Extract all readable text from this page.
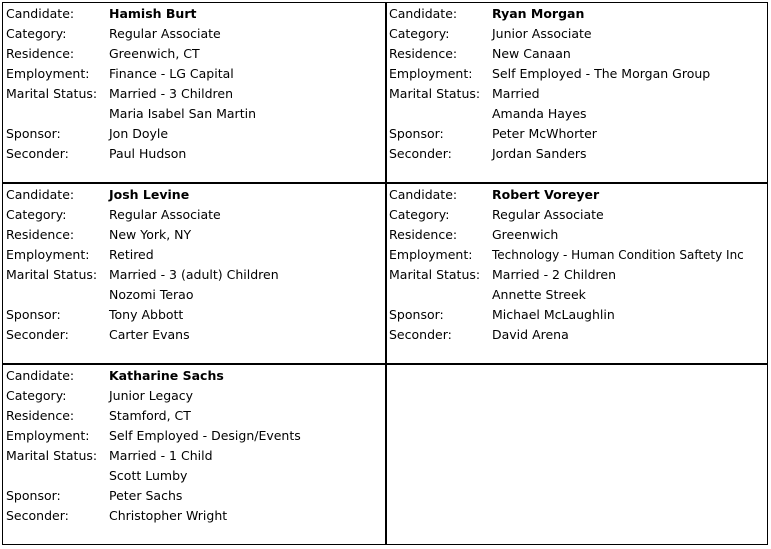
Candidate:	Hamish Burt
Category:	Regular Associate
Residence:	Greenwich, CT
Employment: Finance - LG Capital
Marital Status: Married - 3 Children
Maria Isabel San Martin
Sponsor:	Jon Doyle
Seconder:	Paul Hudson
Candidate:	Ryan Morgan
Category:	Junior Associate
Residence:	New Canaan
Employment: Self Employed - The Morgan Group
Marital Status: Married
Amanda Hayes
Sponsor:	Peter McWhorter
Seconder:	Jordan Sanders
Candidate:	Josh Levine
Category:	Regular Associate
Residence:	New York, NY
Employment: Retired
Marital Status: Married - 3 (adult) Children
Nozomi Terao
Sponsor:	Tony Abbott
Seconder:	Carter Evans
Candidate:	Robert Voreyer
Category:	Regular Associate
Residence:	Greenwich
Employment: Technology - Human Condition Saftety Inc
Marital Status: Married - 2 Children
Annette Streek
Sponsor:	Michael McLaughlin
Seconder:	David Arena
Candidate:	Katharine Sachs
Category:	Junior Legacy
Residence:	Stamford, CT
Employment: Self Employed - Design/Events
Marital Status: Married - 1 Child
Scott Lumby
Sponsor:	Peter Sachs
Seconder:	Christopher Wright
